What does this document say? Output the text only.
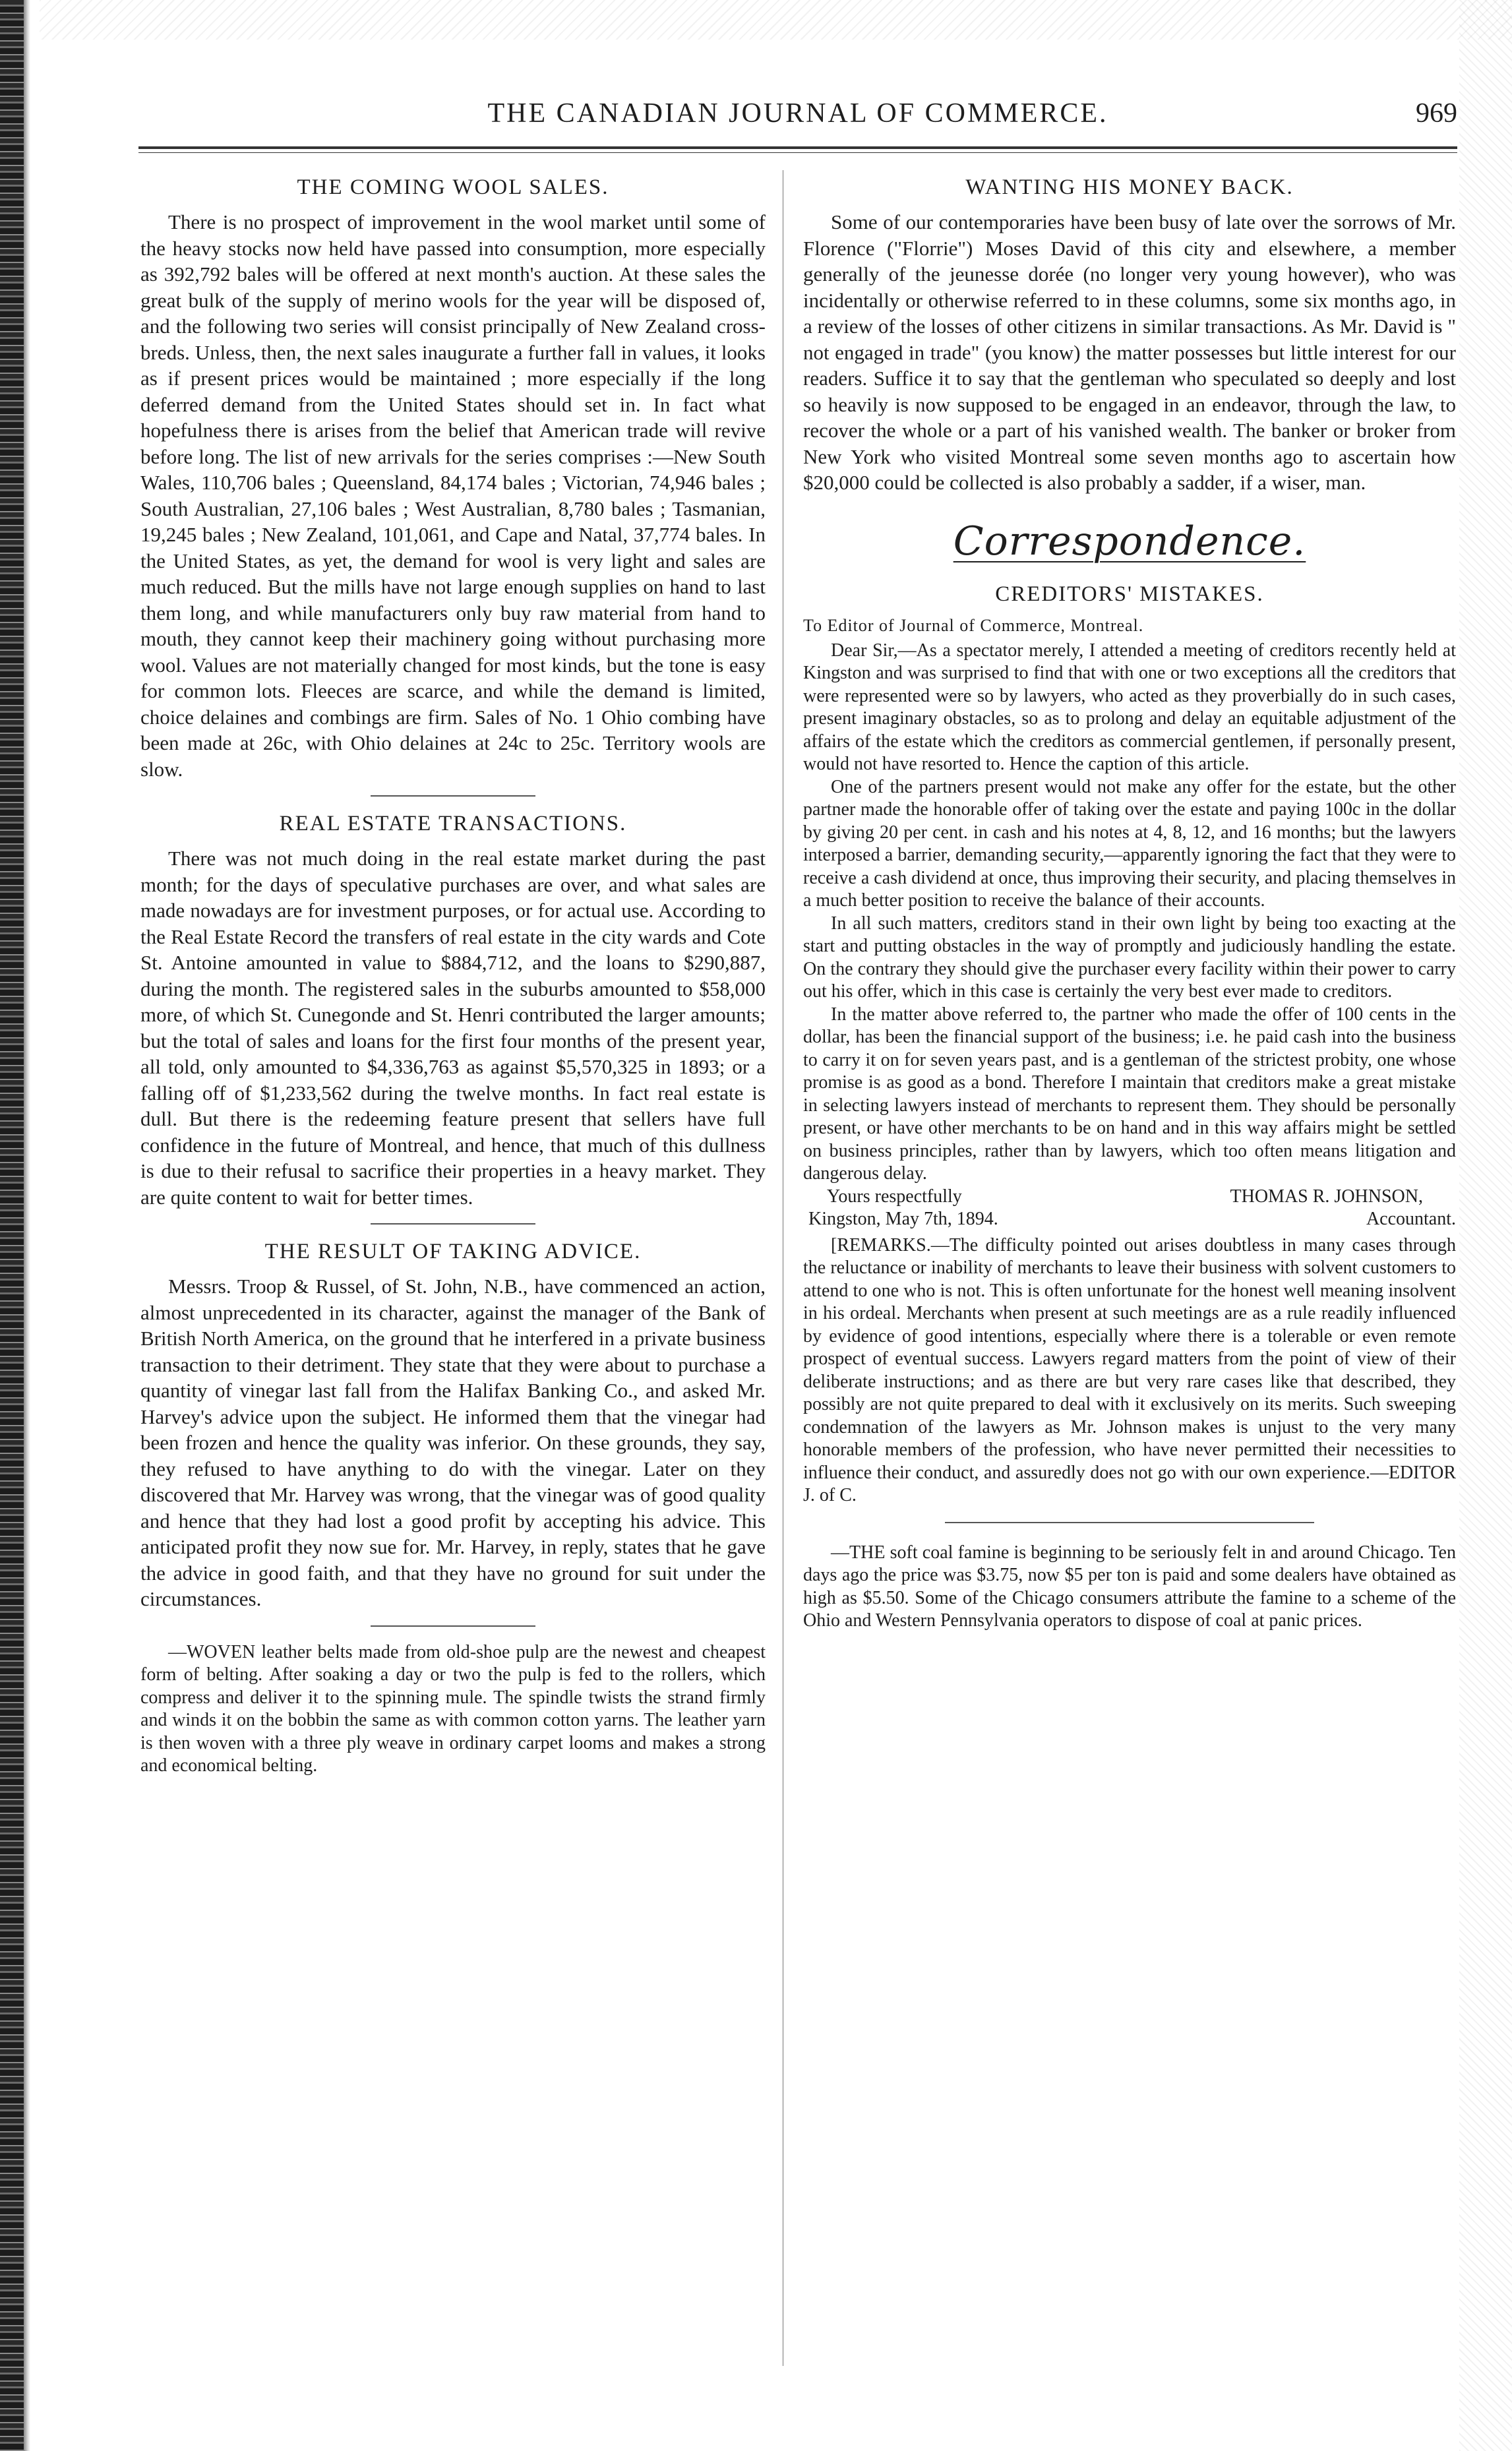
THE CANADIAN JOURNAL OF COMMERCE.	969
THE COMING WOOL SALES.

There is no prospect of improvement in the wool market until some of the heavy stocks now held have passed into consumption, more especially as 392,792 bales will be offered at next month's auction. At these sales the great bulk of the supply of merino wools for the year will be disposed of, and the following two series will consist principally of New Zealand cross-breds. Unless, then, the next sales inaugurate a further fall in values, it looks as if present prices would be maintained ; more especially if the long deferred demand from the United States should set in. In fact what hopefulness there is arises from the belief that American trade will revive before long. The list of new arrivals for the series comprises :—New South Wales, 110,706 bales ; Queensland, 84,174 bales ; Victorian, 74,946 bales ; South Australian, 27,106 bales ; West Australian, 8,780 bales ; Tasmanian, 19,245 bales ; New Zealand, 101,061, and Cape and Natal, 37,774 bales. In the United States, as yet, the demand for wool is very light and sales are much reduced. But the mills have not large enough supplies on hand to last them long, and while manufacturers only buy raw material from hand to mouth, they cannot keep their machinery going without purchasing more wool. Values are not materially changed for most kinds, but the tone is easy for common lots. Fleeces are scarce, and while the demand is limited, choice delaines and combings are firm. Sales of No. 1 Ohio combing have been made at 26c, with Ohio delaines at 24c to 25c. Territory wools are slow.

REAL ESTATE TRANSACTIONS.

There was not much doing in the real estate market during the past month; for the days of speculative purchases are over, and what sales are made nowadays are for investment purposes, or for actual use. According to the Real Estate Record the transfers of real estate in the city wards and Cote St. Antoine amounted in value to $884,712, and the loans to $290,887, during the month. The registered sales in the suburbs amounted to $58,000 more, of which St. Cunegonde and St. Henri contributed the larger amounts; but the total of sales and loans for the first four months of the present year, all told, only amounted to $4,336,763 as against $5,570,325 in 1893; or a falling off of $1,233,562 during the twelve months. In fact real estate is dull. But there is the redeeming feature present that sellers have full confidence in the future of Montreal, and hence, that much of this dullness is due to their refusal to sacrifice their properties in a heavy market. They are quite content to wait for better times.

THE RESULT OF TAKING ADVICE.

Messrs. Troop & Russel, of St. John, N.B., have commenced an action, almost unprecedented in its character, against the manager of the Bank of British North America, on the ground that he interfered in a private business transaction to their detriment. They state that they were about to purchase a quantity of vinegar last fall from the Halifax Banking Co., and asked Mr. Harvey's advice upon the subject. He informed them that the vinegar had been frozen and hence the quality was inferior. On these grounds, they say, they refused to have anything to do with the vinegar. Later on they discovered that Mr. Harvey was wrong, that the vinegar was of good quality and hence that they had lost a good profit by accepting his advice. This anticipated profit they now sue for. Mr. Harvey, in reply, states that he gave the advice in good faith, and that they have no ground for suit under the circumstances.

—WOVEN leather belts made from old-shoe pulp are the newest and cheapest form of belting. After soaking a day or two the pulp is fed to the rollers, which compress and deliver it to the spinning mule. The spindle twists the strand firmly and winds it on the bobbin the same as with common cotton yarns. The leather yarn is then woven with a three ply weave in ordinary carpet looms and makes a strong and economical belting.

WANTING HIS MONEY BACK.

Some of our contemporaries have been busy of late over the sorrows of Mr. Florence ("Florrie") Moses David of this city and elsewhere, a member generally of the jeunesse dorée (no longer very young however), who was incidentally or otherwise referred to in these columns, some six months ago, in a review of the losses of other citizens in similar transactions. As Mr. David is " not engaged in trade" (you know) the matter possesses but little interest for our readers. Suffice it to say that the gentleman who speculated so deeply and lost so heavily is now supposed to be engaged in an endeavor, through the law, to recover the whole or a part of his vanished wealth. The banker or broker from New York who visited Montreal some seven months ago to ascertain how $20,000 could be collected is also probably a sadder, if a wiser, man.

Correspondence.
CREDITORS' MISTAKES.
To Editor of Journal of Commerce, Montreal.

Dear Sir,—As a spectator merely, I attended a meeting of creditors recently held at Kingston and was surprised to find that with one or two exceptions all the creditors that were represented were so by lawyers, who acted as they proverbially do in such cases, present imaginary obstacles, so as to prolong and delay an equitable adjustment of the affairs of the estate which the creditors as commercial gentlemen, if personally present, would not have resorted to. Hence the caption of this article.

One of the partners present would not make any offer for the estate, but the other partner made the honorable offer of taking over the estate and paying 100c in the dollar by giving 20 per cent. in cash and his notes at 4, 8, 12, and 16 months; but the lawyers interposed a barrier, demanding security,—apparently ignoring the fact that they were to receive a cash dividend at once, thus improving their security, and placing themselves in a much better position to receive the balance of their accounts.

In all such matters, creditors stand in their own light by being too exacting at the start and putting obstacles in the way of promptly and judiciously handling the estate. On the contrary they should give the purchaser every facility within their power to carry out his offer, which in this case is certainly the very best ever made to creditors.

In the matter above referred to, the partner who made the offer of 100 cents in the dollar, has been the financial support of the business; i.e. he paid cash into the business to carry it on for seven years past, and is a gentleman of the strictest probity, one whose promise is as good as a bond. Therefore I maintain that creditors make a great mistake in selecting lawyers instead of merchants to represent them. They should be personally present, or have other merchants to be on hand and in this way affairs might be settled on business principles, rather than by lawyers, which too often means litigation and dangerous delay.

Yours respectfully	THOMAS R. JOHNSON,
Kingston, May 7th, 1894.	Accountant.

[REMARKS.—The difficulty pointed out arises doubtless in many cases through the reluctance or inability of merchants to leave their business with solvent customers to attend to one who is not. This is often unfortunate for the honest well meaning insolvent in his ordeal. Merchants when present at such meetings are as a rule readily influenced by evidence of good intentions, especially where there is a tolerable or even remote prospect of eventual success. Lawyers regard matters from the point of view of their deliberate instructions; and as there are but very rare cases like that described, they possibly are not quite prepared to deal with it exclusively on its merits. Such sweeping condemnation of the lawyers as Mr. Johnson makes is unjust to the very many honorable members of the profession, who have never permitted their necessities to influence their conduct, and assuredly does not go with our own experience.—EDITOR J. of C.

—THE soft coal famine is beginning to be seriously felt in and around Chicago. Ten days ago the price was $3.75, now $5 per ton is paid and some dealers have obtained as high as $5.50. Some of the Chicago consumers attribute the famine to a scheme of the Ohio and Western Pennsylvania operators to dispose of coal at panic prices.
